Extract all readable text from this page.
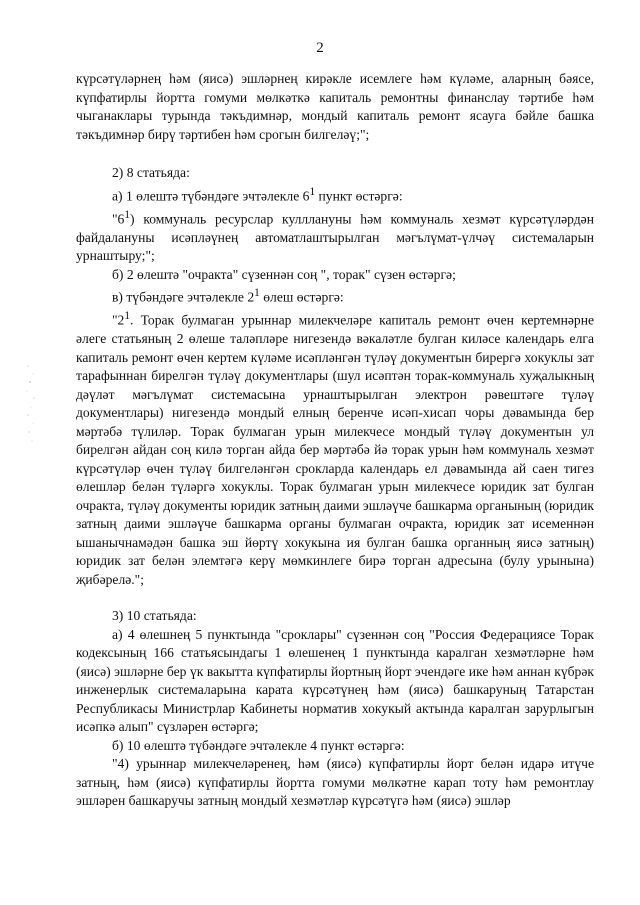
2

күрсәтүләрнең һәм (яисә) эшләрнең кирәкле исемлеге һәм күләме, аларның бәясе, күпфатирлы йортта гомуми мөлкәткә капиталь ремонтны финанслау тәртибе һәм чыганаклары турында тәкъдимнәр, мондый капиталь ремонт ясауга бәйле башка тәкъдимнәр бирү тәртибен һәм срогын билгеләү;";

2) 8 статьяда:

а) 1 өлештә түбәндәге эчтәлекле $6^1$ пункт өстәргә:

"$6^1$) коммуналь ресурслар кулллануны һәм коммуналь хезмәт күрсәтүләрдән файдалануны исәпләүнең автоматлаштырылган мәгълүмат-үлчәү системаларын урнаштыру;";

б) 2 өлештә "очракта" сүзеннән соң ", торак" сүзен өстәргә;

в) түбәндәге эчтәлекле $2^1$ өлеш өстәргә:

"$2^1$. Торак булмаган урыннар милекчеләре капиталь ремонт өчен кертемнәрне әлеге статьяның 2 өлеше таләпләре нигезендә вәкаләтле булган киләсе календарь елга капиталь ремонт өчен кертем күләме исәпләнгән түләү документын бирергә хокуклы зат тарафыннан бирелгән түләү документлары (шул исәптән торак-коммуналь хуҗалыкның дәүләт мәгълүмат системасына урнаштырылган электрон рәвештәге түләү документлары) нигезендә мондый елның беренче исәп-хисап чоры дәвамында бер мәртәбә түлиләр. Торак булмаган урын милекчесе мондый түләү документын ул бирелгән айдан соң килә торган айда бер мәртәбә йә торак урын һәм коммуналь хезмәт күрсәтүләр өчен түләү билгеләнгән срокларда календарь ел дәвамында ай саен тигез өлешләр белән түләргә хокуклы. Торак булмаган урын милекчесе юридик зат булган очракта, түләү документы юридик затның даими эшләүче башкарма органының (юридик затның даими эшләүче башкарма органы булмаган очракта, юридик зат исеменнән ышанычнамәдән башка эш йөртү хокукына ия булган башка органның яисә затның) юридик зат белән элемтәгә керү мөмкинлеге бирә торган адресына (булу урынына) җибәрелә.";

3) 10 статьяда:

а) 4 өлешнең 5 пунктында "сроклары" сүзеннән соң "Россия Федерациясе Торак кодексының 166 статьясындагы 1 өлешенең 1 пунктында каралган хезмәтләрне һәм (яисә) эшләрне бер үк вакытта күпфатирлы йортның йорт эчендәге ике һәм аннан күбрәк инженерлык системаларына карата күрсәтүнең һәм (яисә) башкаруның Татарстан Республикасы Министрлар Кабинеты норматив хокукый актында каралган зарурлыгын исәпкә алып" сүзләрен өстәргә;

б) 10 өлештә түбәндәге эчтәлекле 4 пункт өстәргә:

"4) урыннар милекчеләренең, һәм (яисә) күпфатирлы йорт белән идарә итүче затның, һәм (яисә) күпфатирлы йортта гомуми мөлкәтне карап тоту һәм ремонтлау эшләрен башкаручы затның мондый хезмәтләр күрсәтүгә һәм (яисә) эшләр
